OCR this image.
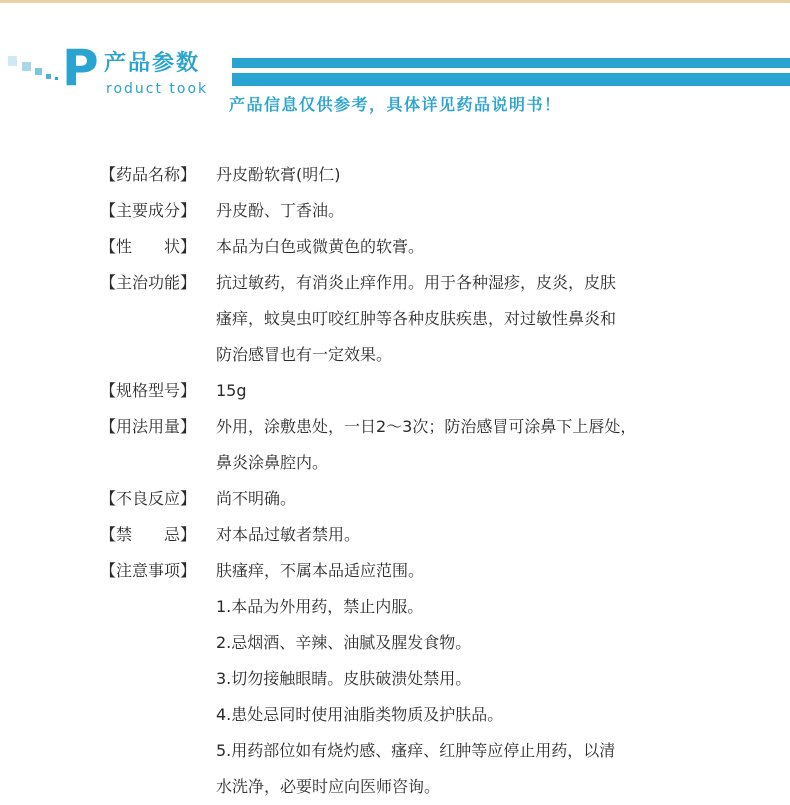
P 产品参数
roduct took
产品信息仅供参考，具体详见药品说明书！
【药品名称】	丹皮酚软膏(明仁)
【主要成分】	丹皮酚、丁香油。
【性　　状】	本品为白色或微黄色的软膏。
【主治功能】	抗过敏药，有消炎止痒作用。用于各种湿疹，皮炎，皮肤
瘙痒，蚊臭虫叮咬红肿等各种皮肤疾患，对过敏性鼻炎和
防治感冒也有一定效果。
【规格型号】	15g
【用法用量】	外用，涂敷患处，一日2～3次；防治感冒可涂鼻下上唇处，
鼻炎涂鼻腔内。
【不良反应】	尚不明确。
【禁　　忌】	对本品过敏者禁用。
【注意事项】	肤瘙痒，不属本品适应范围。
1.本品为外用药，禁止内服。
2.忌烟酒、辛辣、油腻及腥发食物。
3.切勿接触眼睛。皮肤破溃处禁用。
4.患处忌同时使用油脂类物质及护肤品。
5.用药部位如有烧灼感、瘙痒、红肿等应停止用药，以清
水洗净，必要时应向医师咨询。
